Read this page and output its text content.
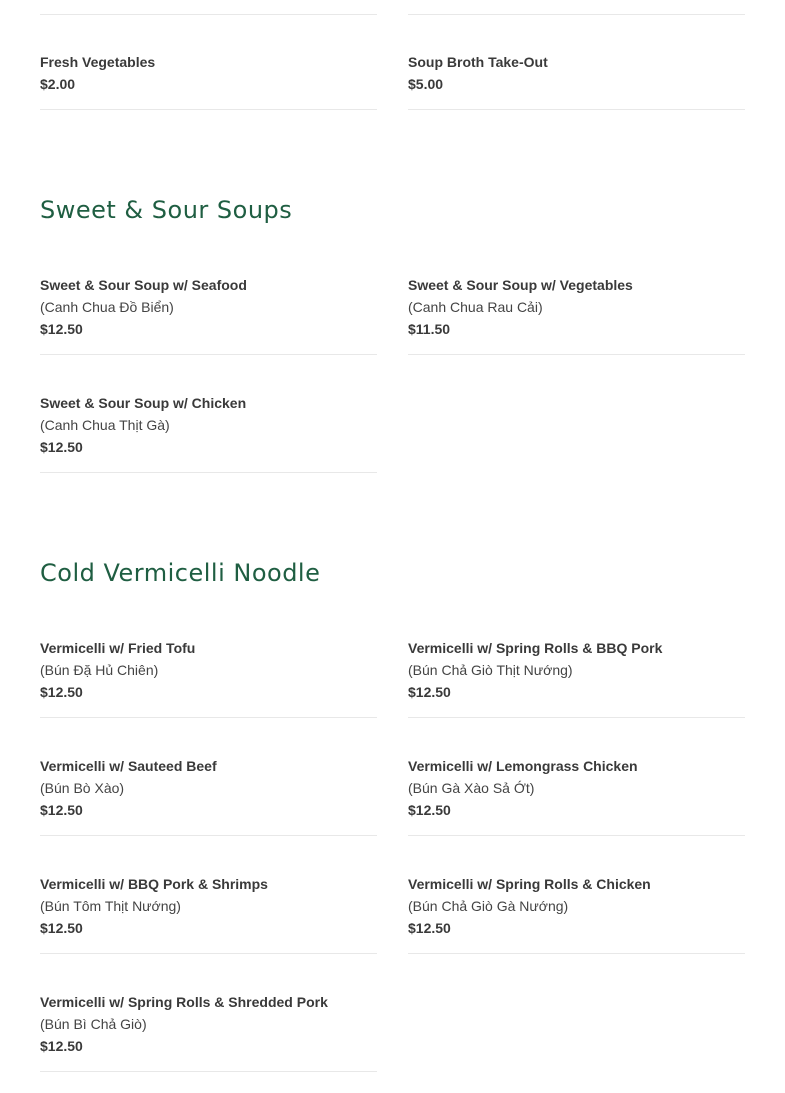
Fresh Vegetables
$2.00
Soup Broth Take-Out
$5.00
Sweet & Sour Soups
Sweet & Sour Soup w/ Seafood
(Canh Chua Đồ Biển)
$12.50
Sweet & Sour Soup w/ Vegetables
(Canh Chua Rau Cải)
$11.50
Sweet & Sour Soup w/ Chicken
(Canh Chua Thịt Gà)
$12.50
Cold Vermicelli Noodle
Vermicelli w/ Fried Tofu
(Bún Đặ Hủ Chiên)
$12.50
Vermicelli w/ Spring Rolls & BBQ Pork
(Bún Chả Giò Thịt Nướng)
$12.50
Vermicelli w/ Sauteed Beef
(Bún Bò Xào)
$12.50
Vermicelli w/ Lemongrass Chicken
(Bún Gà Xào Sả Ớt)
$12.50
Vermicelli w/ BBQ Pork & Shrimps
(Bún Tôm Thịt Nướng)
$12.50
Vermicelli w/ Spring Rolls & Chicken
(Bún Chả Giò Gà Nướng)
$12.50
Vermicelli w/ Spring Rolls & Shredded Pork
(Bún Bì Chả Giò)
$12.50
